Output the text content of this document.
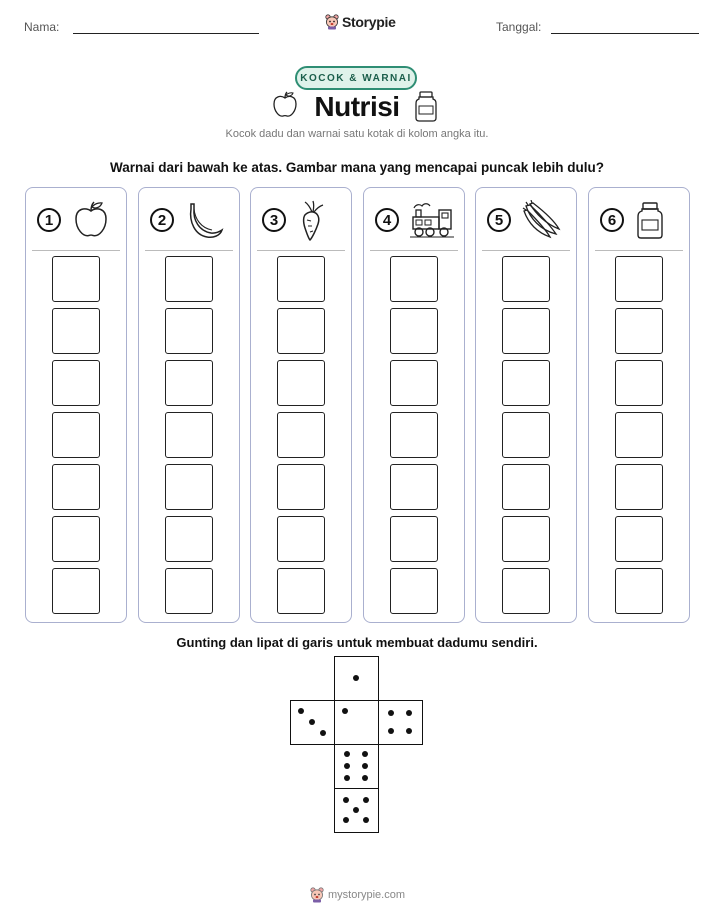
Nama:	Storypie	Tanggal:
KOCOK & WARNAI
Nutrisi
Kocok dadu dan warnai satu kotak di kolom angka itu.
Warnai dari bawah ke atas. Gambar mana yang mencapai puncak lebih dulu?
1	2	3	4	5	6
Gunting dan lipat di garis untuk membuat dadumu sendiri.
mystorypie.com
